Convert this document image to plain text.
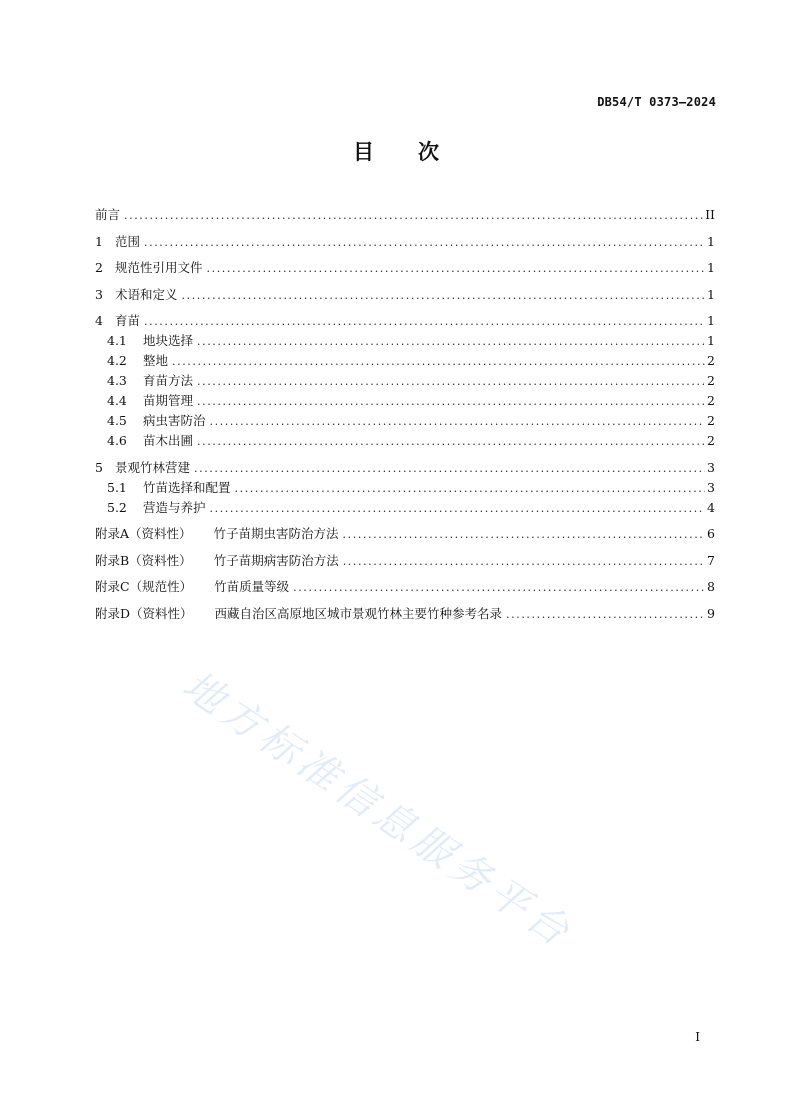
DB54/T 0373—2024
目次
前言 .....	II
1 范围 .....	1
2 规范性引用文件 .....	1
3 术语和定义 .....	1
4 育苗 .....	1
4.1	地块选择 .....	1
4.2	整地 .....	2
4.3	育苗方法 .....	2
4.4	苗期管理 .....	2
4.5	病虫害防治 .....	2
4.6	苗木出圃 .....	2
5 景观竹林营建 .....	3
5.1	竹苗选择和配置 .....	3
5.2	营造与养护 .....	4
附录A（资料性）	竹子苗期虫害防治方法 .....	6
附录B（资料性）	竹子苗期病害防治方法 .....	7
附录C（规范性）	竹苗质量等级 .....	8
附录D（资料性）	西藏自治区高原地区城市景观竹林主要竹种参考名录 .....	9
地方标准信息服务平台
I
